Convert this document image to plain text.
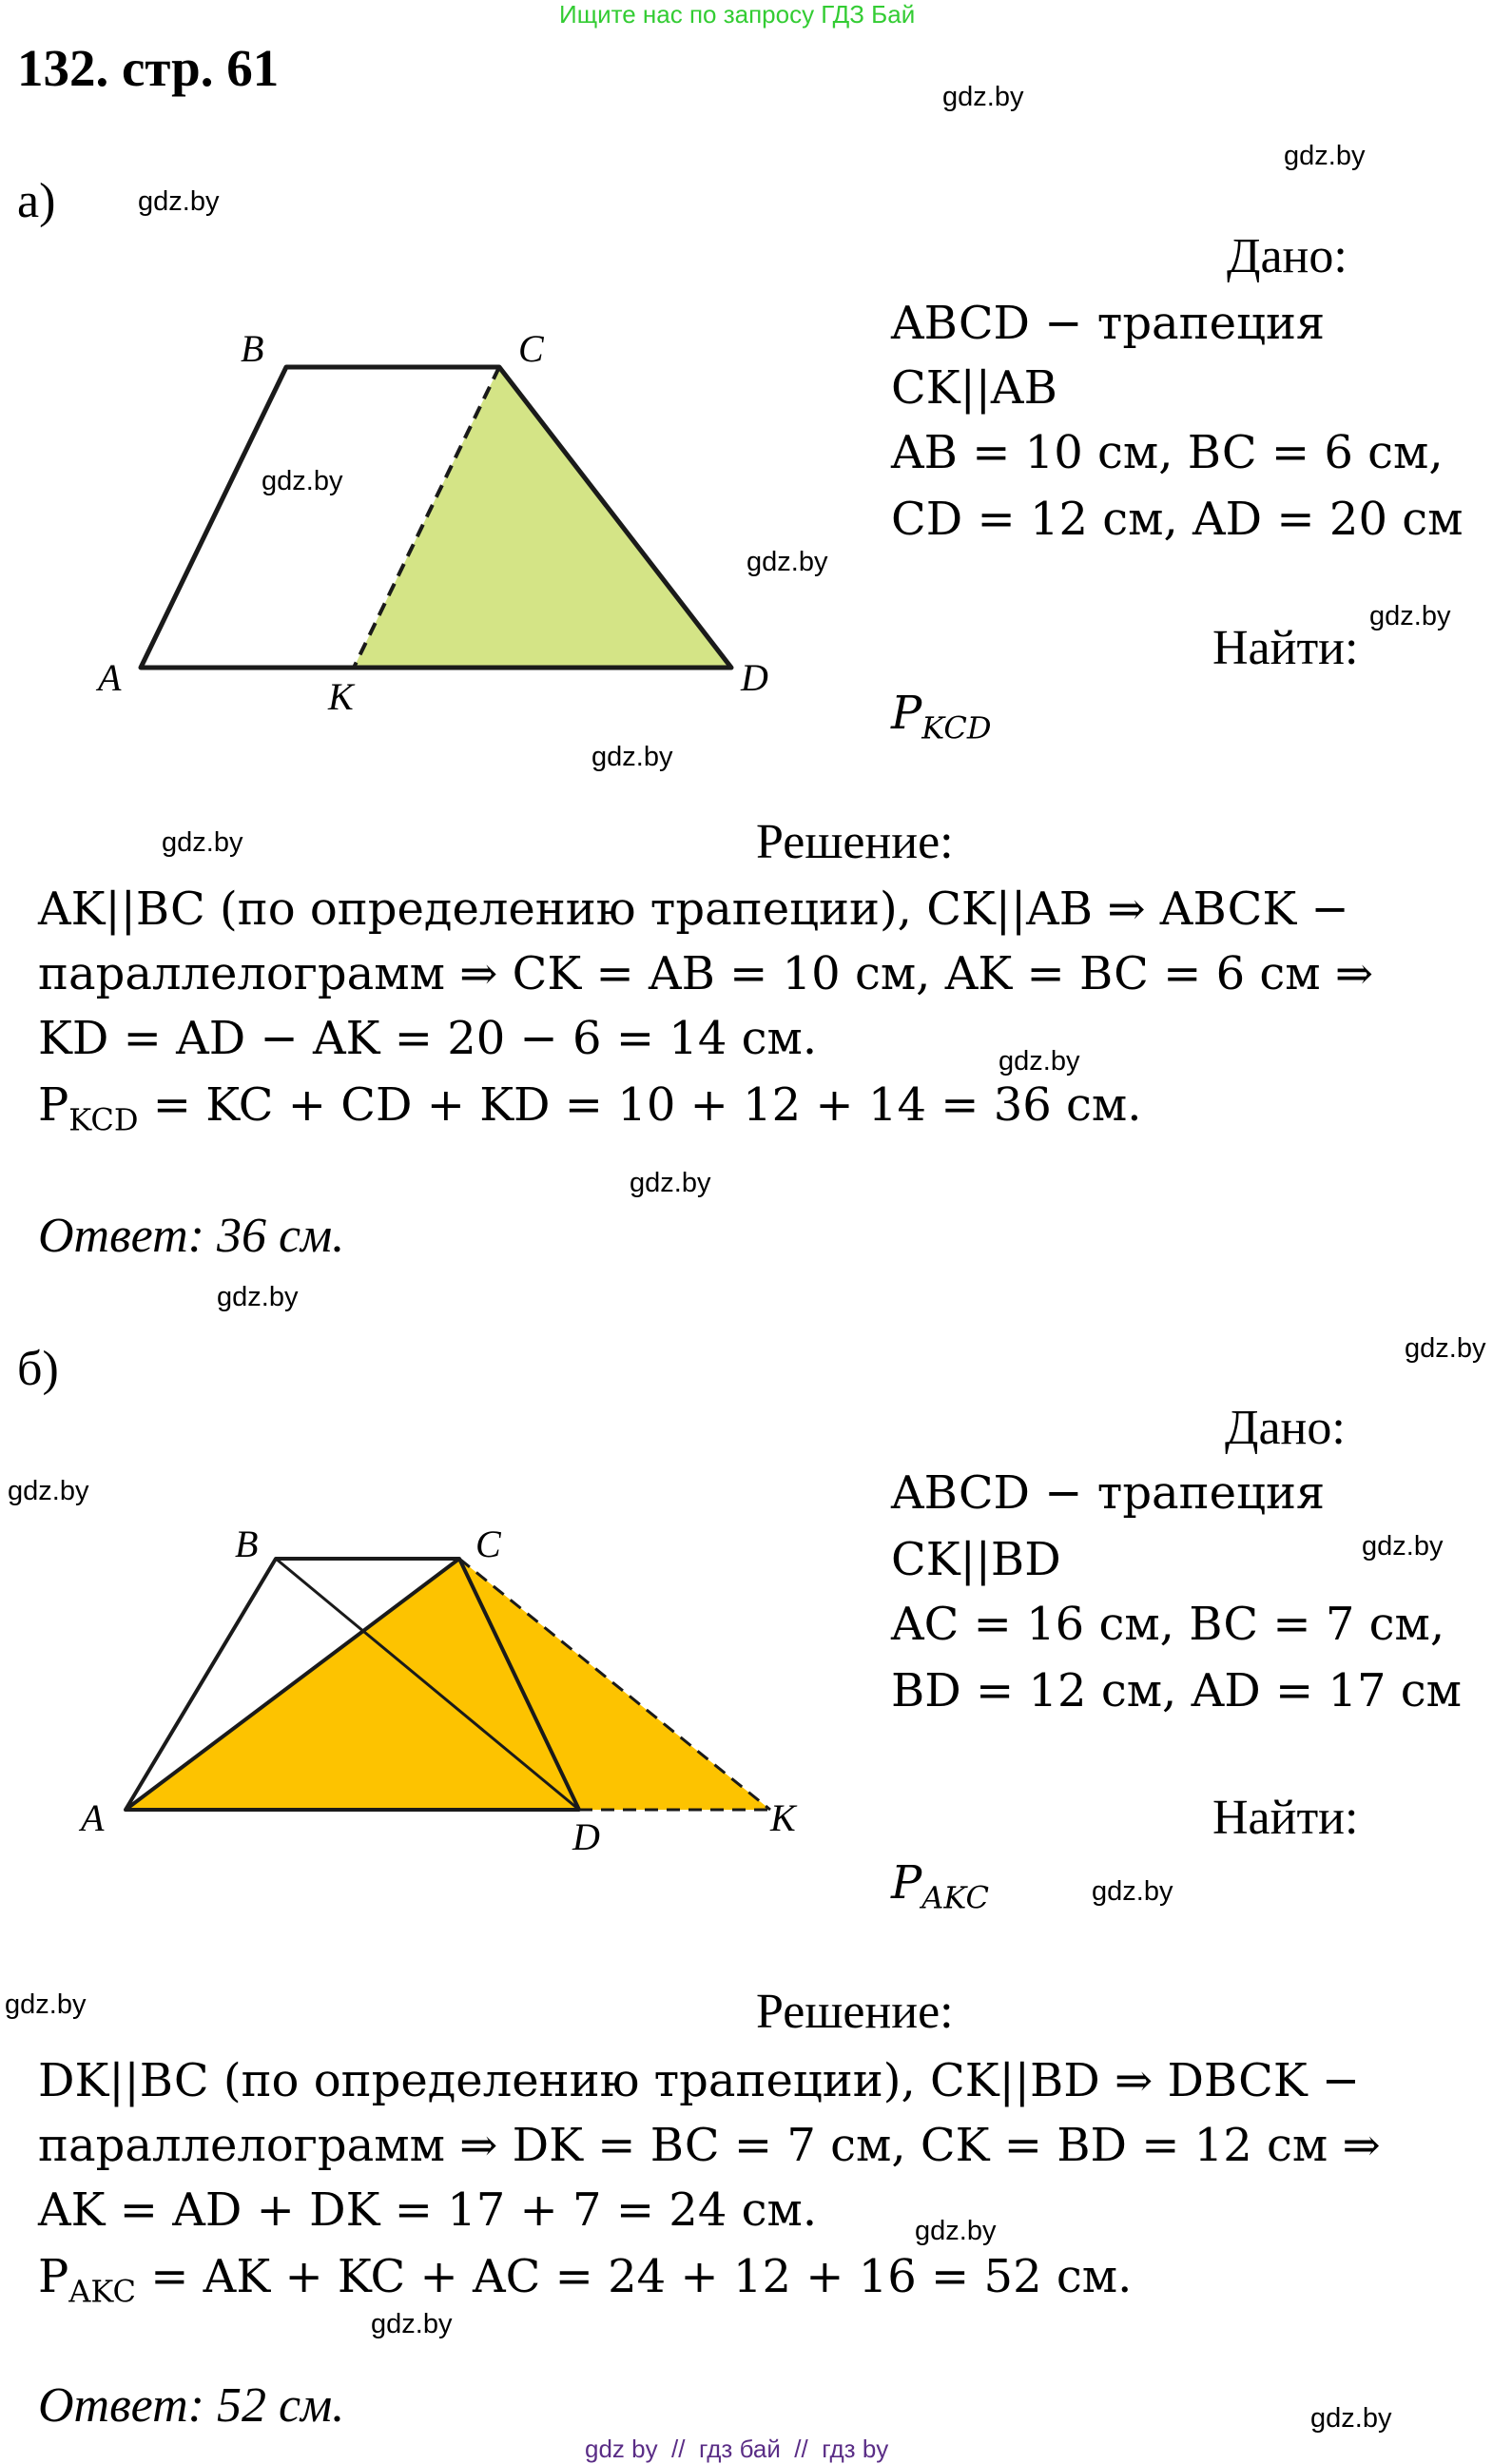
Ищите нас по запросу ГДЗ Бай
132. стр. 61	gdz.by
gdz.by
gdz.by
gdz.by
gdz.by
gdz.by
gdz.by
gdz.by
gdz.by
gdz.by
gdz.by
gdz.by
gdz.by
gdz.by
gdz.by
gdz.by
gdz.by
gdz.by
gdz.by
а)
B	C
A	K	D
Дано:
ABCD − трапеция
CK||AB
AB = 10 см, BC = 6 см,
CD = 12 см, AD = 20 см
Найти:
$P_{KCD}$
Решение:
AK||BC (по определению трапеции), CK||AB ⇒ ABCK −
параллелограмм ⇒ CK = AB = 10 см, AK = BC = 6 см ⇒
KD = AD − AK = 20 − 6 = 14 см.
$P_{KCD}$ = KC + CD + KD = 10 + 12 + 14 = 36 см.
Ответ: 36 см.
б)
B	C
A	D	K
Дано:
ABCD − трапеция
CK||BD
AC = 16 см, BC = 7 см,
BD = 12 см, AD = 17 см
Найти:
$P_{AKC}$
Решение:
DK||BC (по определению трапеции), CK||BD ⇒ DBCK −
параллелограмм ⇒ DK = BC = 7 см, CK = BD = 12 см ⇒
AK = AD + DK = 17 + 7 = 24 см.
$P_{AKC}$ = AK + KC + AC = 24 + 12 + 16 = 52 см.
Ответ: 52 см.
gdz by  //  гдз бай  //  гдз by
